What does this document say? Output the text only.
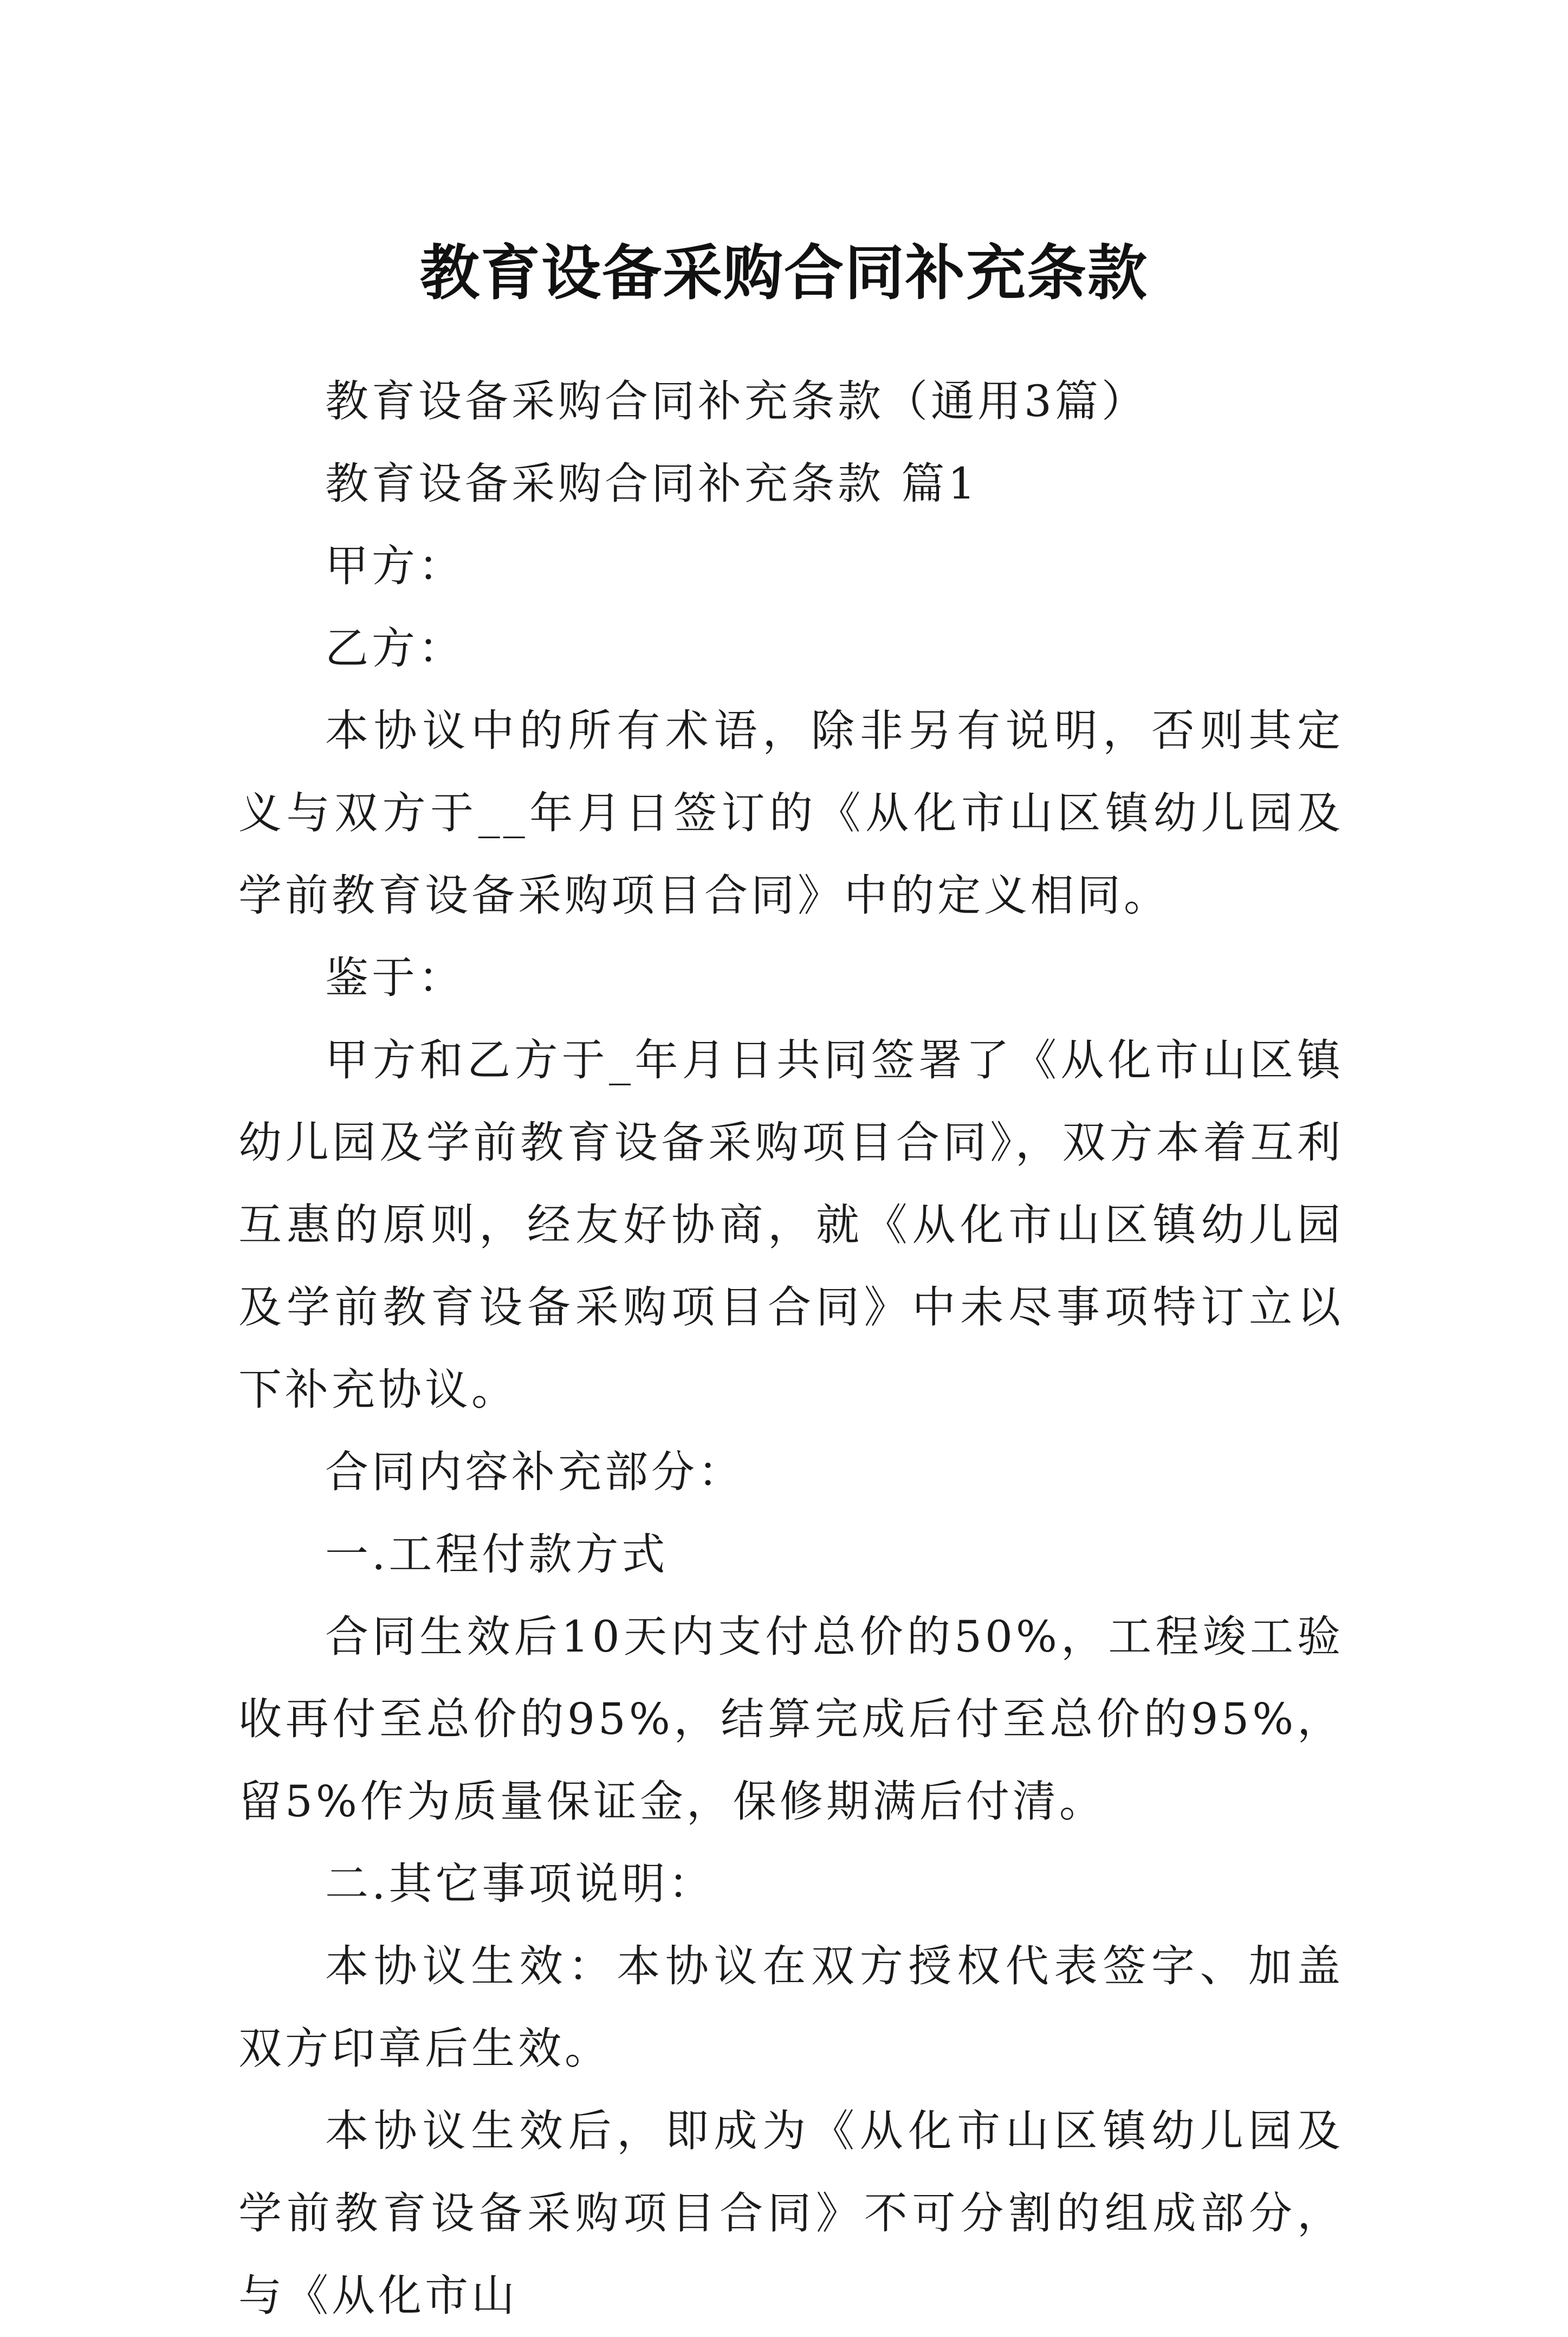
教育设备采购合同补充条款

教育设备采购合同补充条款（通用3篇）

教育设备采购合同补充条款 篇1

甲方：

乙方：

本协议中的所有术语，除非另有说明，否则其定义与双方于__年月日签订的《从化市山区镇幼儿园及学前教育设备采购项目合同》中的定义相同。

鉴于：

甲方和乙方于_年月日共同签署了《从化市山区镇幼儿园及学前教育设备采购项目合同》，双方本着互利互惠的原则，经友好协商，就《从化市山区镇幼儿园及学前教育设备采购项目合同》中未尽事项特订立以下补充协议。

合同内容补充部分：

一.工程付款方式

合同生效后10天内支付总价的50%，工程竣工验收再付至总价的95%，结算完成后付至总价的95%，留5%作为质量保证金，保修期满后付清。

二.其它事项说明：

本协议生效：本协议在双方授权代表签字、加盖双方印章后生效。

本协议生效后，即成为《从化市山区镇幼儿园及学前教育设备采购项目合同》不可分割的组成部分，与《从化市山
